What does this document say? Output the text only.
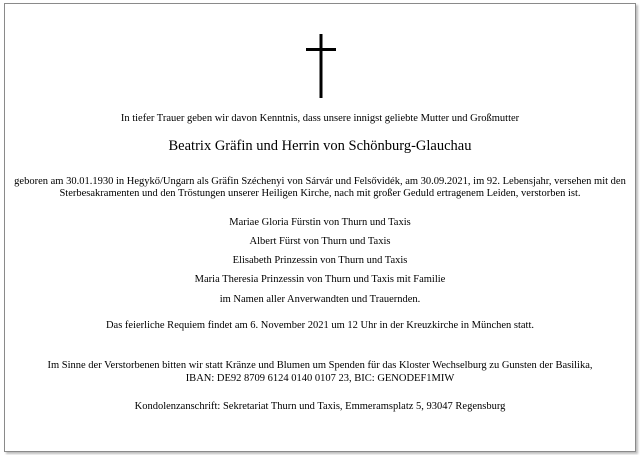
In tiefer Trauer geben wir davon Kenntnis, dass unsere innigst geliebte Mutter und Großmutter
Beatrix Gräfin und Herrin von Schönburg-Glauchau
geboren am 30.01.1930 in Hegykő/Ungarn als Gräfin Széchenyi von Sárvár und Felsővidék, am 30.09.2021, im 92. Lebensjahr, versehen mit den
Sterbesakramenten und den Tröstungen unserer Heiligen Kirche, nach mit großer Geduld ertragenem Leiden, verstorben ist.
Mariae Gloria Fürstin von Thurn und Taxis
Albert Fürst von Thurn und Taxis
Elisabeth Prinzessin von Thurn und Taxis
Maria Theresia Prinzessin von Thurn und Taxis mit Familie
im Namen aller Anverwandten und Trauernden.
Das feierliche Requiem findet am 6. November 2021 um 12 Uhr in der Kreuzkirche in München statt.
Im Sinne der Verstorbenen bitten wir statt Kränze und Blumen um Spenden für das Kloster Wechselburg zu Gunsten der Basilika,
IBAN: DE92 8709 6124 0140 0107 23, BIC: GENODEF1MIW
Kondolenzanschrift: Sekretariat Thurn und Taxis, Emmeramsplatz 5, 93047 Regensburg
